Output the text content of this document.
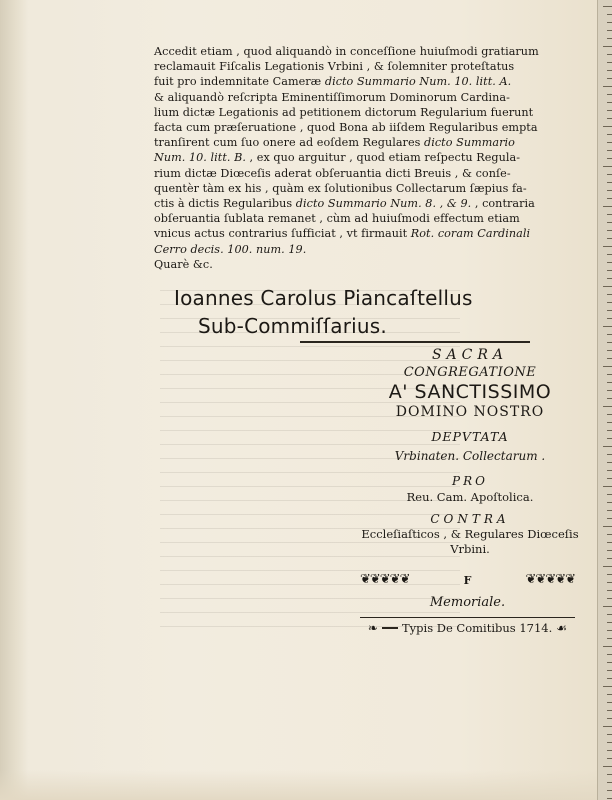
Accedit etiam , quod aliquandò in conceſſione huiuſmodi gratiarum
reclamauit Fiſcalis Legationis Vrbini , & ſolemniter proteſtatus
fuit pro indemnitate Cameræ dicto Summario Num. 10. litt. A.
& aliquandò reſcripta Eminentiſſimorum Dominorum Cardina-
lium dictæ Legationis ad petitionem dictorum Regularium fuerunt
facta cum præſeruatione , quod Bona ab iiſdem Regularibus empta
tranſirent cum ſuo onere ad eoſdem Regulares dicto Summario
Num. 10. litt. B. , ex quo arguitur , quod etiam reſpectu Regula-
rium dictæ Diœceſis aderat obſeruantia dicti Breuis , & conſe-
quentèr tàm ex his , quàm ex ſolutionibus Collectarum ſæpius fa-
ctis à dictis Regularibus dicto Summario Num. 8. , & 9. , contraria
obſeruantia ſublata remanet , cùm ad huiuſmodi effectum etiam
vnicus actus contrarius ſufficiat , vt firmauit Rot. coram Cardinali
Cerro decis. 100. num. 19.
Quarè &c.
Ioannes Carolus Piancaſtellus
Sub-Commiſſarius.
SACRA
CONGREGATIONE
A' SANCTISSIMO
DOMINO NOSTRO
DEPVTATA
Vrbinaten. Collectarum .
PRO
Reu. Cam. Apoſtolica.
CONTRA
Eccleſiaſticos , & Regulares Diœceſis
Vrbini.
❦❦❦❦❦	F	❦❦❦❦❦
Memoriale.
❧ Typis De Comitibus 1714. ☙
